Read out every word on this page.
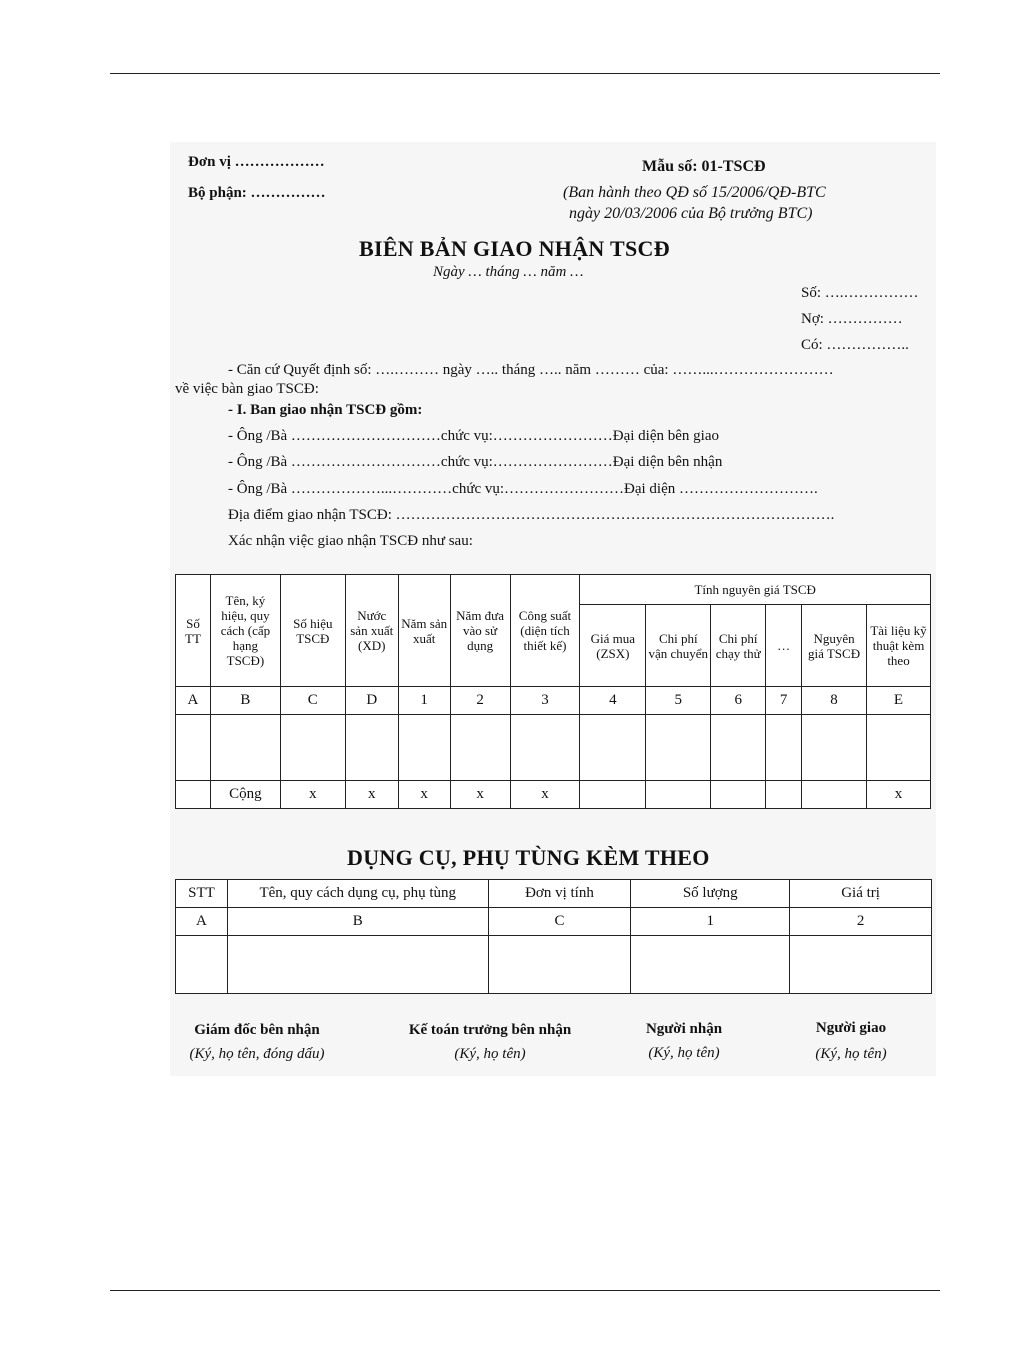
Đơn vị ………………
Bộ phận: ……………
Mẫu số: 01-TSCĐ
(Ban hành theo QĐ số 15/2006/QĐ-BTC
ngày 20/03/2006 của Bộ trưởng BTC)
BIÊN BẢN GIAO NHẬN TSCĐ
Ngày … tháng … năm …
Số: ….……………
Nợ: ……………
Có: ……………..
- Căn cứ Quyết định số: ….……… ngày ….. tháng ….. năm ……… của: ……...……………………
về việc bàn giao TSCĐ:
- I. Ban giao nhận TSCĐ gồm:
- Ông /Bà …………………………chức vụ:……………………Đại diện bên giao
- Ông /Bà …………………………chức vụ:……………………Đại diện bên nhận
- Ông /Bà ………………...…………chức vụ:……………………Đại diện ……………………….
Địa điểm giao nhận TSCĐ: …………………………………………………………………………….
Xác nhận việc giao nhận TSCĐ như sau:
Số TT	Tên, ký hiệu, quy cách (cấp hạng TSCĐ)	Số hiệu TSCĐ	Nước sản xuất (XD)	Năm sản xuất	Năm đưa vào sử dụng	Công suất (diện tích thiết kế)	Tính nguyên giá TSCĐ					
							Giá mua (ZSX)	Chi phí vận chuyển	Chi phí chạy thử	…	Nguyên giá TSCĐ	Tài liệu kỹ thuật kèm theo
A	B	C	D	1	2	3	4	5	6	7	8	E

	Cộng	x	x	x	x	x						x
DỤNG CỤ, PHỤ TÙNG KÈM THEO
STT	Tên, quy cách dụng cụ, phụ tùng	Đơn vị tính	Số lượng	Giá trị
A	B	C	1	2

Giám đốc bên nhận
(Ký, họ tên, đóng dấu)
Kế toán trưởng bên nhận
(Ký, họ tên)
Người nhận
(Ký, họ tên)
Người giao
(Ký, họ tên)
